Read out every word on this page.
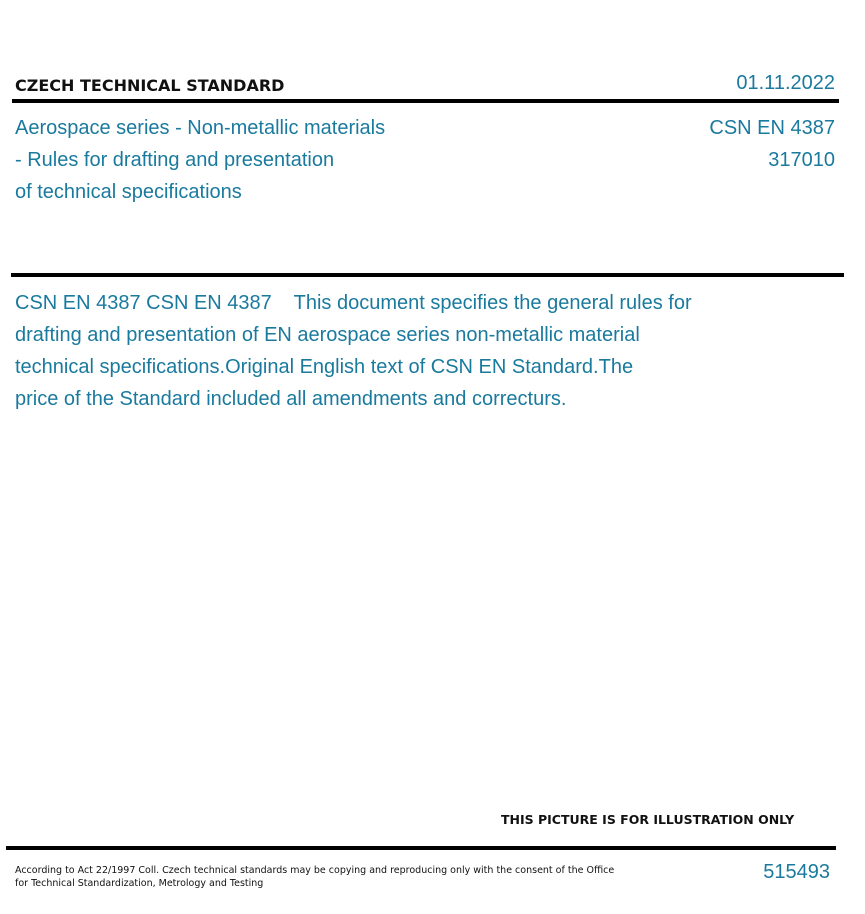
CZECH TECHNICAL STANDARD	01.11.2022
Aerospace series - Non-metallic materials
- Rules for drafting and presentation
of technical specifications
CSN EN 4387
317010
CSN EN 4387 CSN EN 4387    This document specifies the general rules for
drafting and presentation of EN aerospace series non-metallic material
technical specifications.Original English text of CSN EN Standard.The
price of the Standard included all amendments and correcturs.
THIS PICTURE IS FOR ILLUSTRATION ONLY
According to Act 22/1997 Coll. Czech technical standards may be copying and reproducing only with the consent of the Office
for Technical Standardization, Metrology and Testing
515493
